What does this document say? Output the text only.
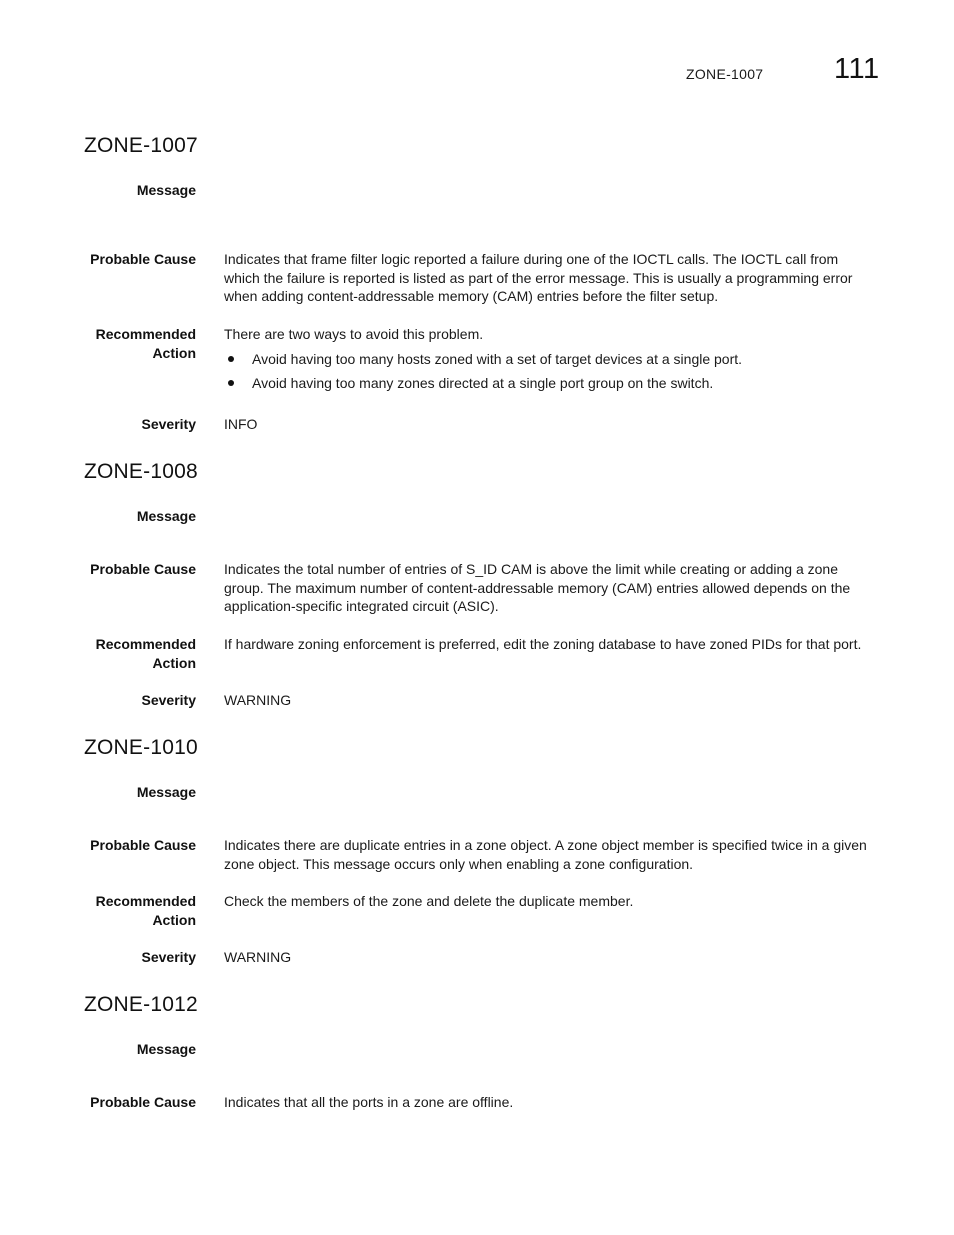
ZONE-1007 111
ZONE-1007
Message
Probable Cause Indicates that frame filter logic reported a failure during one of the IOCTL calls. The IOCTL call from which the failure is reported is listed as part of the error message. This is usually a programming error when adding content-addressable memory (CAM) entries before the filter setup.
Recommended
Action
There are two ways to avoid this problem.
Avoid having too many hosts zoned with a set of target devices at a single port.
Avoid having too many zones directed at a single port group on the switch.
Severity INFO
ZONE-1008
Message
Probable Cause Indicates the total number of entries of S_ID CAM is above the limit while creating or adding a zone group. The maximum number of content-addressable memory (CAM) entries allowed depends on the application-specific integrated circuit (ASIC).
Recommended
Action
If hardware zoning enforcement is preferred, edit the zoning database to have zoned PIDs for that port.
Severity WARNING
ZONE-1010
Message
Probable Cause Indicates there are duplicate entries in a zone object. A zone object member is specified twice in a given zone object. This message occurs only when enabling a zone configuration.
Recommended
Action
Check the members of the zone and delete the duplicate member.
Severity WARNING
ZONE-1012
Message
Probable Cause Indicates that all the ports in a zone are offline.
